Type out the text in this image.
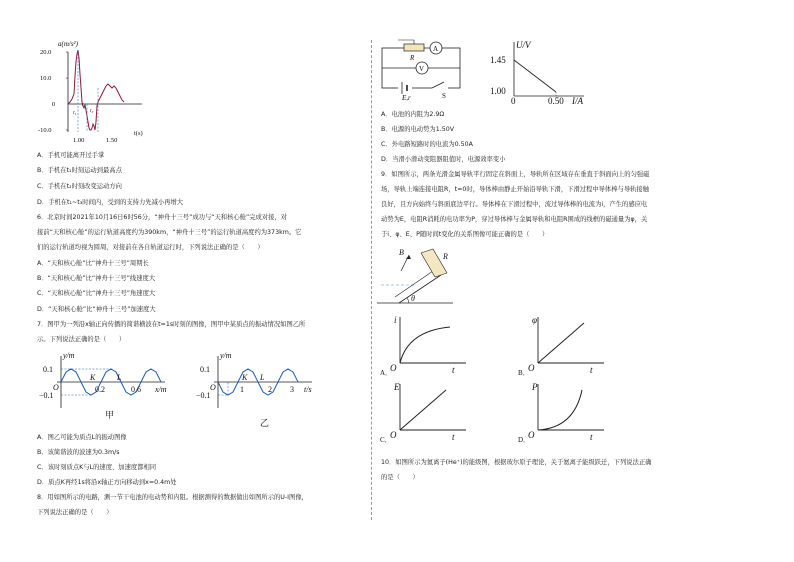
a(m/s²)
20.0
10.0
0
-10.0
t₁
t₂
t₃
1.00	1.50
t(s)
A．手机可能离开过手掌
B．手机在t₁时刻运动到最高点
C．手机在t₂时刻改变运动方向
D．手机在t₁~t₃时间内，受到的支持力先减小再增大
6．北京时间2021年10月16日6时56分，“神舟十三号”成功与“天和核心舱”完成对接，对
接前“天和核心舱”的运行轨道高度约为390km，“神舟十三号”的运行轨道高度约为373km。它
们的运行轨道均视为圆周，对接前在各自轨道运行时，下列说法正确的是（　　）
A．“天和核心舱”比“神舟十三号”周期长
B．“天和核心舱”比“神舟十三号”线速度大
C．“天和核心舱”比“神舟十三号”角速度大
D．“天和核心舱”比“神舟十三号”加速度大
7．图甲为一列沿x轴正向传播的简谐横波在t=1s时刻的图像，图甲中某质点的振动情况如图乙所
示。下列说法正确的是（　　）
y/m
0.1
−0.1
O
K	L
0.2	0.6 x/m
甲
y/m
0.1
−0.1
O
K L
1	2 3 t/s
乙
A．图乙可能为质点L的振动图像
B．该简谐波的波速为0.3m/s
C．该时刻质点K与L的速度、加速度都相同
D．质点K再经1s将沿x轴正方向移动到x=0.4m处
8．用如图所示的电路，测一节干电池的电动势和内阻。根据测得的数据做出如图所示的U-I图像，
下列说法正确的是（　　）
R
A
V
E,r	S
U/V
1.45
1.00
0	0.50 I/A
A．电池的内阻为2.9Ω
B．电源的电动势为1.50V
C．外电路短路时的电流为0.50A
D．当滑小滑动变阻器阻值时，电源效率变小
9．如图所示，两条光滑金属导轨平行固定在斜面上，导轨所在区域存在垂直于斜面向上的匀强磁
场，导轨上端连接电阻R，t=0时，导体棒由静止开始沿导轨下滑，下滑过程中导体棒与导轨接触
良好，且方向始终与斜面底边平行。导体棒在下滑过程中，流过导体棒的电流为i，产生的感应电
动势为E，电阻R消耗的电功率为P，穿过导体棒与金属导轨和电阻R围成的线框的磁通量为φ，关
于i、φ、E、P随时间t变化的关系图像可能正确的是（　　）
B	R
θ
A．
i
O	t	B．
φ
O	t
C．
E
O	t	D．
P
O	t
10．如图所示为氦离子(He⁺)的能级图，根据玻尔原子理论，关于氦离子能级跃迁，下列说法正确
的是（　　）
